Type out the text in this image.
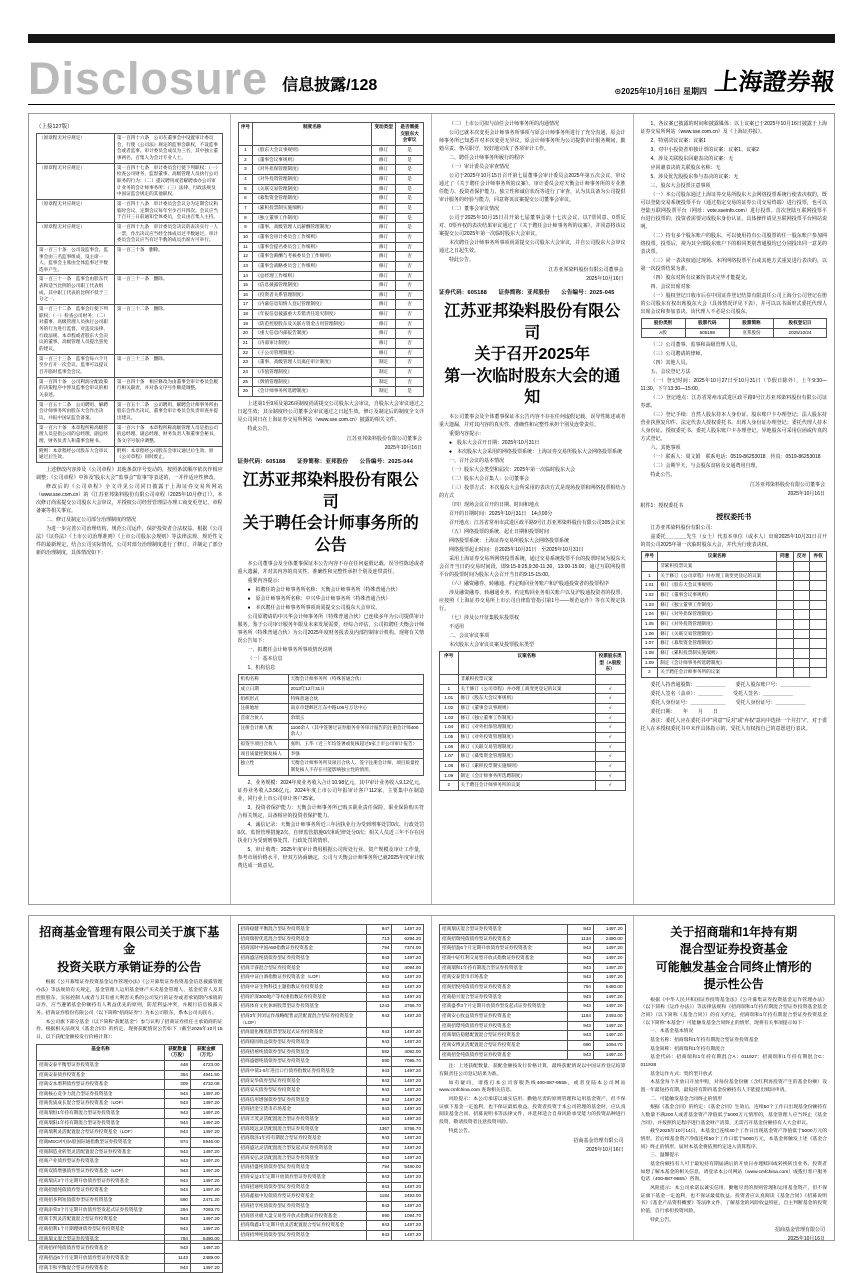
Disclosure 信息披露/128	⊙2025年10月16日 星期四 上海證券報
（上接127版）
（原章程无对应规定）	第一百四十六条　公司在董事会中设置审计委员会，行使《公司法》规定的监事会职权，不设监事会或者监事。审计委员会成员为三名，其中独立董事两名，召集人为会计专业人士。
（原章程无对应规定）	第一百四十七条　审计委员会行使下列职权：（一）检查公司财务，监督董事、高级管理人员执行公司职务的行为；（二）提议聘用或者解聘承办公司审计业务的会计师事务所；（三）法律、行政法规及中国证监会规定的其他职权。
（原章程无对应规定）	第一百四十八条　审计委员会会议分为定期会议和临时会议，定期会议每年至少召开四次。会议应当于召开三日前通知全体委员，会议由召集人主持。
（原章程无对应规定）	第一百四十九条　审计委员会决议的表决实行一人一票，作出决议应当经全体成员过半数通过。审计委员会会议应当有过半数的成员出席方可举行。
第一百三十条　公司设监事会。监事会由三名监事组成，设主席一人。监事会主席由全体监事过半数选举产生。	第一百三十条　删除。
第一百三十一条　监事会由股东代表和适当比例的公司职工代表组成，其中职工代表的比例不低于三分之一。	第一百三十一条　删除。
第一百三十二条　监事会行使下列职权：（一）检查公司财务；（二）对董事、高级管理人员执行公司职务的行为进行监督，对违反法律、行政法规、本章程或者股东大会决议的董事、高级管理人员提出罢免的建议。	第一百三十二条　删除。
第一百三十三条　监事会每六个月至少召开一次会议。监事可以提议召开临时监事会会议。	第一百三十三条　删除。
第一百四十条　公司利润分配政策的决策程序中涉及监事会审议的相关表述。	第一百四十条　相应修改为由董事会审计委员会履行相关职责，并对条文序号作顺延调整。
第一百五十二条　公司聘用、解聘会计师事务所由股东大会作出决议，并报中国证监会备案。	第一百五十二条　公司聘用、解聘会计师事务所由股东会作出决议，董事会审计委员会负责审查并提出建议。
第一百六十条　本章程所称高级管理人员是指公司的总经理、副总经理、财务负责人和董事会秘书。	第一百六十条　本章程所称高级管理人员是指公司的总经理、副总经理、财务负责人和董事会秘书。条文序号依序调整。
附则：本章程经公司股东大会审议通过后生效。	附则：本章程经公司股东会审议通过后生效，原《公司章程》同时废止。

上述修改内容涉及《公司章程》其他条款序号变动的，按照条款顺序依次作相应调整；《公司章程》中涉及“股东大会”“监事会”“监事”等表述的，一并作适应性修改。

修改后的《公司章程》全文详见公司同日披露于上海证券交易所网站（www.sse.com.cn）的《江苏亚邦染料股份有限公司章程（2025年10月修订）》。本次修订尚需提交公司股东大会审议，并授权公司经营管理层办理工商变更登记、章程备案等相关事宜。

二、修订及制定公司部分治理制度的情况

为进一步完善公司治理结构，规范公司运作，保护投资者合法权益，根据《公司法》《证券法》《上市公司治理准则》《上市公司股东会规则》等法律法规、规范性文件的最新规定，结合公司实际情况，公司对部分治理制度进行了修订，并制定了部分新的治理制度，具体情况如下：

序号	制度名称	变动类型	是否需提交股东大会审议
1	《股东大会议事规则》	修订	是
2	《董事会议事规则》	修订	是
3	《对外担保管理制度》	修订	是
4	《对外投资管理制度》	修订	是
5	《关联交易管理制度》	修订	是
6	《募集资金管理制度》	修订	是
7	《累积投票制实施细则》	修订	是
8	《独立董事工作制度》	修订	是
9	《董事、高级管理人员薪酬管理制度》	修订	是
10	《董事会审计委员会工作细则》	修订	否
11	《董事会提名委员会工作细则》	修订	否
12	《董事会薪酬与考核委员会工作细则》	修订	否
13	《董事会战略委员会工作细则》	修订	否
14	《总经理工作细则》	修订	否
15	《信息披露管理制度》	修订	否
16	《投资者关系管理制度》	修订	否
17	《内幕信息知情人登记管理制度》	修订	否
18	《年报信息披露重大差错责任追究制度》	修订	否
19	《防范控股股东及关联方资金占用管理制度》	修订	否
20	《重大信息内部报告制度》	修订	否
21	《内部审计制度》	修订	否
22	《子公司管理制度》	修订	否
23	《董事、高级管理人员离任审计制度》	制定	否
24	《市值管理制度》	制定	否
25	《舆情管理制度》	制定	否
26	《会计师事务所选聘制度》	制定	是

上述第1至9项及第26项制度尚需提交公司股东大会审议，自股东大会审议通过之日起生效；其余制度经公司董事会审议通过之日起生效。修订及制定后的制度全文详见公司同日在上海证券交易所网站（www.sse.com.cn）披露的相关文件。

特此公告。

江苏亚邦染料股份有限公司董事会
2025年10月16日
证券代码：605188　　证券简称：亚邦股份　　公告编号：2025-044
江苏亚邦染料股份有限公司
关于聘任会计师事务所的公告

本公司董事会及全体董事保证本公告内容不存在任何虚假记载、误导性陈述或者重大遗漏，并对其内容的真实性、准确性和完整性承担个别及连带责任。

重要内容提示：

●　拟聘任的会计师事务所名称：天衡会计师事务所（特殊普通合伙）

●　原会计师事务所名称：中兴华会计师事务所（特殊普通合伙）

●　本次聘任会计师事务所事项尚需提交公司股东大会审议。

公司原聘请的中兴华会计师事务所（特殊普通合伙）已连续多年为公司提供审计服务。鉴于公司审计服务年限及未来发展需要，经综合评估，公司拟聘任天衡会计师事务所（特殊普通合伙）为公司2025年度财务报表及内部控制审计机构。现将有关情况公告如下：

一、拟聘任会计师事务所事项情况说明

（一）基本信息

1、机构信息

机构名称	天衡会计师事务所（特殊普通合伙）
成立日期	2013年12月31日
组织形式	特殊普通合伙
注册地址	南京市建邺区江东中路106号万达中心
首席合伙人	余瑞玉
注册会计师人数	1100余人（其中签署过证券服务业务审计报告的注册会计师400余人）
拟签字项目合伙人	张明、王华（近三年均签署或复核超过5家上市公司审计报告）
项目质量控制复核人	李强
独立性	天衡会计师事务所及项目合伙人、签字注册会计师、项目质量控制复核人不存在可能影响独立性的情形。

2、业务规模：2024年度业务收入合计10.98亿元，其中审计业务收入9.12亿元，证券业务收入3.56亿元。2024年度上市公司年报审计客户112家，主要集中在制造业，同行业上市公司审计客户25家。

3、投资者保护能力：天衡会计师事务所已购买职业责任保险，职业保险购买符合相关规定，具备相应的投资者保护能力。

4、诚信记录：天衡会计师事务所近三年因执业行为受到刑事处罚0次、行政处罚0次、监督管理措施2次、自律监管措施0次和纪律处分0次；相关人员近三年不存在因执业行为受到刑事处罚、行政处罚的情形。

5、审计收费：2025年度审计费用根据公司所处行业、资产规模及审计工作量，参考市场价格水平，经双方协商确定。公司与天衡会计师事务所已就2025年度审计收费达成一致意见。

（二）上市公司拟与前任会计师事务所的沟通情况

公司已就本次变更会计师事务所事项与原会计师事务所进行了充分沟通，原会计师事务所已知悉并对本次变更无异议。原会计师事务所为公司提供审计服务期间，勤勉尽责、恪尽职守，较好地完成了各项审计工作。

二、聘任会计师事务所履行的程序

（一）审计委员会审查情况

公司于2025年10月15日召开第七届董事会审计委员会2025年第五次会议，审议通过了《关于聘任会计师事务所的议案》。审计委员会对天衡会计师事务所的专业胜任能力、投资者保护能力、独立性和诚信状况等进行了审查，认为其具备为公司提供审计服务的经验与能力，同意将该议案提交公司董事会审议。

（二）董事会审议情况

公司于2025年10月15日召开第七届董事会第十七次会议，以7票同意、0票反对、0票弃权的表决结果审议通过了《关于聘任会计师事务所的议案》，并同意将该议案提交公司2025年第一次临时股东大会审议。

本次聘任会计师事务所事项尚需提交公司股东大会审议，并自公司股东大会审议通过之日起生效。

特此公告。

江苏亚邦染料股份有限公司董事会
2025年10月16日
证券代码：605188　　证券简称：亚邦股份　　公告编号：2025-045
江苏亚邦染料股份有限公司
关于召开2025年
第一次临时股东大会的通知

本公司董事会及全体董事保证本公告内容不存在任何虚假记载、误导性陈述或者重大遗漏，并对其内容的真实性、准确性和完整性承担个别及连带责任。

重要内容提示：

●　股东大会召开日期：2025年10月31日

●　本次股东大会采用的网络投票系统：上海证券交易所股东大会网络投票系统

一、召开会议的基本情况

（一）股东大会类型和届次：2025年第一次临时股东大会

（二）股东大会召集人：公司董事会

（三）投票方式：本次股东大会所采用的表决方式是现场投票和网络投票相结合的方式

（四）现场会议召开的日期、时间和地点

召开的日期时间：2025年10月31日　14点00分

召开地点：江苏省常州市武进区政平路9号江苏亚邦染料股份有限公司305会议室

（五）网络投票的系统、起止日期和投票时间

网络投票系统：上海证券交易所股东大会网络投票系统

网络投票起止时间：自2025年10月31日　至2025年10月31日

采用上海证券交易所网络投票系统，通过交易系统投票平台的投票时间为股东大会召开当日的交易时间段，即9:15-9:25,9:30-11:30，13:00-15:00；通过互联网投票平台的投票时间为股东大会召开当日的9:15-15:00。

（六）融资融券、转融通、约定购回业务账户和沪股通投资者的投票程序

涉及融资融券、转融通业务、约定购回业务相关账户以及沪股通投资者的投票，应按照《上海证券交易所上市公司自律监管指引第1号——规范运作》等有关规定执行。

（七）涉及公开征集股东投票权

不适用

二、会议审议事项

本次股东大会审议议案及投票股东类型

序号	议案名称	投票股东类型（A股股东）
	非累积投票议案	
1	关于修订《公司章程》并办理工商变更登记的议案	√
1.01	修订《股东大会议事规则》	√
1.02	修订《董事会议事规则》	√
1.03	修订《独立董事工作制度》	√
1.04	修订《对外担保管理制度》	√
1.05	修订《对外投资管理制度》	√
1.06	修订《关联交易管理制度》	√
1.07	修订《募集资金管理制度》	√
1.08	修订《累积投票制实施细则》	√
1.09	制定《会计师事务所选聘制度》	√
2	关于聘任会计师事务所的议案	√

1、各议案已披露的时间和披露媒体：以上议案已于2025年10月16日披露于上海证券交易所网站（www.sse.com.cn）及《上海证券报》。

2、特别决议议案：议案1

3、对中小投资者单独计票的议案：议案1、议案2

4、涉及关联股东回避表决的议案：无

应回避表决的关联股东名称：无

5、涉及优先股股东参与表决的议案：无

三、股东大会投票注意事项

（一）本公司股东通过上海证券交易所股东大会网络投票系统行使表决权的，既可以登陆交易系统投票平台（通过指定交易的证券公司交易终端）进行投票，也可以登陆互联网投票平台（网址：vote.sseinfo.com）进行投票。首次登陆互联网投票平台进行投票的，投资者需要完成股东身份认证。具体操作请见互联网投票平台网站说明。

（二）持有多个股东账户的股东，可以使用持有公司股票的任一股东账户参加网络投票。投票后，视为其全部股东账户下的相同类别普通股均已分别投出同一意见的表决票。

（三）同一表决权通过现场、本所网络投票平台或其他方式重复进行表决的，以第一次投票结果为准。

（四）股东对所有议案均表决完毕才能提交。

四、会议出席对象

（一）股权登记日收市后在中国证券登记结算有限责任公司上海分公司登记在册的公司股东有权出席股东大会（具体情况详见下表），并可以以书面形式委托代理人出席会议和参加表决。该代理人不必是公司股东。

股份类别	股票代码	股票简称	股权登记日
A股	605188	亚邦股份	2025/10/24

（二）公司董事、监事和高级管理人员。

（三）公司聘请的律师。

（四）其他人员。

五、会议登记方法

（一）登记时间：2025年10月27日至10月31日（节假日除外），上午9:30—11:30，下午13:30—15:00。

（二）登记地点：江苏省常州市武进区政平路9号江苏亚邦染料股份有限公司证券部。

（三）登记手续：自然人股东持本人身份证、股东账户卡办理登记；法人股东持营业执照复印件、法定代表人授权委托书、出席人身份证办理登记；委托代理人持本人身份证、授权委托书、委托人股东账户卡办理登记。异地股东可采用信函或传真的方式登记。

六、其他事项

（一）联系人：周文娟　联系电话：0519-86253018　传真：0519-86253018

（二）会期半天，与会股东食宿及交通费用自理。

特此公告。

江苏亚邦染料股份有限公司董事会
2025年10月16日
附件1：授权委托书
授权委托书

江苏亚邦染料股份有限公司：

兹委托＿＿＿＿先生（女士）代表本单位（或本人）出席2025年10月31日召开的贵公司2025年第一次临时股东大会，并代为行使表决权。

序号	议案名称	同意	反对	弃权
	非累积投票议案			
1	关于修订《公司章程》并办理工商变更登记的议案			
1.01	修订《股东大会议事规则》			
1.02	修订《董事会议事规则》			
1.03	修订《独立董事工作制度》			
1.04	修订《对外担保管理制度》			
1.05	修订《对外投资管理制度》			
1.06	修订《关联交易管理制度》			
1.07	修订《募集资金管理制度》			
1.08	修订《累积投票制实施细则》			
1.09	制定《会计师事务所选聘制度》			
2	关于聘任会计师事务所的议案			

委托人持普通股数：＿＿＿＿＿＿　　委托人股东账户号：＿＿＿＿＿＿

委托人签名（盖章）：＿＿＿＿＿　　受托人签名：＿＿＿＿＿＿

委托人身份证号：＿＿＿＿＿＿＿　　受托人身份证号：＿＿＿＿＿＿

委托日期：　　年　　月　　日

备注：委托人应在委托书中“同意”“反对”或“弃权”意向中选择一个并打“√”，对于委托人在本授权委托书中未作具体指示的，受托人有权按自己的意愿进行表决。

招商基金管理有限公司关于旗下基金
投资关联方承销证券的公告

根据《公开募集证券投资基金运作管理办法》《公开募集证券投资基金信息披露管理办法》等法规的有关规定，基金管理人运用基金财产买卖基金管理人、基金托管人及其控股股东、实际控制人或者与其有重大利害关系的公司发行的证券或者承销期内承销的证券，应当遵循基金份额持有人利益优先的原则，防范利益冲突，并履行信息披露义务。招商证券股份有限公司（以下简称“招商证券”）为本公司股东，系本公司关联方。

本公司旗下部分基金（以下简称“获配基金”）参与认购了招商证券担任主承销商的证券。根据相关法规及《基金合同》的约定，现将获配情况公告如下（截至2025年10月15日，以下获配金额按发行价格计算）：

基金名称	获配数量（万股）	获配金额（万元）
招商安泰平衡型证券投资基金	448	4723.00
招商安泰债券投资基金	354	4941.50
招商安本增利债券型证券投资基金	309	4732.08
招商核心竞争力混合型证券投资基金	943	1497.20
招商优质成长混合型证券投资基金（LOF）	943	1497.20
招商瑞恒1年持有期混合型证券投资基金	943	1497.20
招商瑞阳1年持有期混合型证券投资基金	943	1497.20
招商瑞利灵活配置混合型证券投资基金（LOF）	943	1497.20
招商MSCI中国A股国际通指数型证券投资基金	974	5946.00
招商制造业转型灵活配置混合型证券投资基金	943	1497.20
招商产业债券型证券投资基金	943	1497.20
招商双债增强债券型证券投资基金（LOF）	943	1497.20
招商瑞庆3个月定期开放债券型证券投资基金	943	1497.20
招商招旭纯债债券型证券投资基金	943	1497.20
招商招多利短债债券型证券投资基金	590	2471.20
招商添荣3个月定期开放债券型发起式证券投资基金	294	7093.70
招商丰凯灵活配置混合型证券投资基金	943	1497.20
招商招利1个月期理财债券型证券投资基金	943	1497.20
招商瑞文混合型证券投资基金	794	5490.00
招商招祥纯债债券型证券投资基金	943	1497.20
招商招益6个月定期开放债券型证券投资基金	1143	2489.00
招商丰和平衡混合型证券投资基金	943	1497.20
招商稳健平衡混合型证券投资基金	947	1497.20
招商瑞智优选混合型证券投资基金	713	6294.20
招商富时中国A50指数证券投资基金	794	7374.00
招商盛洁纯债债券型证券投资基金	943	1497.20
招商丰睿混合型证券投资基金	542	4094.00
招商中证白酒指数证券投资基金（LOF）	943	1497.20
招商中证生物科技主题指数证券投资基金	943	1497.20
招商沪深300地产等权重指数证券投资基金	943	1497.20
招商体育文化休闲股票型证券投资基金	1243	3766.70
招商3年封闭运作战略配售灵活配置混合型证券投资基金（LOF）	943	1497.20
招商量化精选股票型发起式证券投资基金	943	1497.20
招商稳固收益债券型证券投资基金	943	1497.20
招商招禧纯债债券型证券投资基金	582	4092.00
招商盛德纯债债券型证券投资基金	590	7095.70
招商中债1-5年进出口行债券指数证券投资基金	943	1497.20
招商安华债券型证券投资基金	943	1497.20
招商安庆债券型证券投资基金	943	1497.20
招商信用增强债券型证券投资基金	943	1497.20
招商招金宝货币市场基金	943	1497.20
招商丰茂灵活配置混合型证券投资基金	943	1497.20
招商境远灵活配置混合型证券投资基金	1367	5766.70
招商瑞泽1年持有期混合型证券投资基金	943	1497.20
招商盛达灵活配置混合型发起式证券投资基金	943	1497.20
招商安弘灵活配置混合型证券投资基金	943	1497.20
招商招盛纯债债券型证券投资基金	794	5480.00
招商安益1年定期开放债券型证券投资基金	943	1497.20
招商招通纯债债券型证券投资基金	943	1497.20
招商鑫福中短债债券型证券投资基金	1184	2493.00
招商招享纯债债券型证券投资基金	943	1497.20
招商创业板大盘交易型开放式指数证券投资基金	690	1094.70
招商瑞鑫1年定期开放灵活配置混合型证券投资基金	943	1497.20
招商招坤纯债债券型证券投资基金	943	1497.20
招商瑞庆混合型证券投资基金	943	1497.20
招商招瑞纯债债券型证券投资基金	1134	2490.00
招商招盈6个月定期开放债券型证券投资基金	943	1497.20
招商中证红利交易型开放式指数证券投资基金	943	1497.20
招商瑞和1年持有期混合型证券投资基金	943	1497.20
招商安泰货币市场基金	943	1497.20
招商招悦纯债债券型证券投资基金	794	5480.00
招商稳兴混合型证券投资基金	943	1497.20
招商盛季3个月定期开放债券型发起式证券投资基金	943	1497.20
招商安心收益债券型证券投资基金	1184	2493.00
招商招璟纯债债券型证券投资基金	943	1497.20
招商瑞信稳健配置混合型证券投资基金	943	1497.20
招商安博灵活配置混合型证券投资基金	690	1094.70
招商招金纯债债券型证券投资基金	943	1497.20

注：上述获配数量、获配金额按发行价格计算，最终获配情况以中国证券登记结算有限责任公司登记结果为准。

如有疑问，请拨打本公司客服热线400-887-9555，或者登陆本公司网站 www.cmfchina.com 查询相关信息。

风险提示：本公司承诺以诚实信用、勤勉尽责的原则管理和运用基金资产，但不保证旗下基金一定盈利，也不保证最低收益。投资者投资于本公司管理的基金时，应认真阅读基金合同、招募说明书等法律文件，并选择适合自身风险承受能力的投资品种进行投资，敬请投资者注意投资风险。

特此公告。

招商基金管理有限公司
2025年10月16日
关于招商瑞和1年持有期
混合型证券投资基金
可能触发基金合同终止情形的
提示性公告

根据《中华人民共和国证券投资基金法》《公开募集证券投资基金运作管理办法》（以下简称《运作办法》）等法律法规和《招商瑞和1年持有期混合型证券投资基金基金合同》（以下简称《基金合同》）的有关约定，招商瑞和1年持有期混合型证券投资基金（以下简称“本基金”）可能触发基金合同终止的情形，现将有关事项提示如下：

一、本基金基本情况

基金名称：招商瑞和1年持有期混合型证券投资基金

基金简称：招商瑞和1年持有期混合

基金代码：招商瑞和1年持有期混合A：011927；招商瑞和1年持有期混合C：011928

基金运作方式：契约型开放式

本基金每个开放日开放申购，对每份基金份额（含红利再投资产生的基金份额）设置一年最短持有期，最短持有期内基金份额持有人不能提出赎回申请。

二、可能触发基金合同终止的情形

根据《基金合同》的约定：《基金合同》生效后，连续50个工作日出现基金份额持有人数量不满200人或者基金资产净值低于5000万元情形的，基金管理人应当终止《基金合同》，并按照约定程序进行基金财产清算，无需召开基金份额持有人大会审议。

截至2025年10月14日，本基金已连续40个工作日出现基金资产净值低于5000万元的情形。若后续基金资产净值连续50个工作日低于5000万元，本基金将触发上述《基金合同》终止的情形，届时本基金将依照约定进入清算程序。

三、温馨提示

基金份额持有人可于最短持有期届满后的开放日办理赎回或转换转出业务。投资者如想了解本基金的相关信息，请登录本公司网站（www.cmfchina.com）或拨打客户服务电话（400-887-9555）咨询。

风险提示：本公司承诺以诚实信用、勤勉尽责的原则管理和运用基金资产，但不保证旗下基金一定盈利，也不保证最低收益。投资者应认真阅读《基金合同》《招募说明书》《基金产品资料概要》等法律文件，了解基金的风险收益特征，自主判断基金的投资价值，自行承担投资风险。

特此公告。

招商基金管理有限公司
2025年10月16日
